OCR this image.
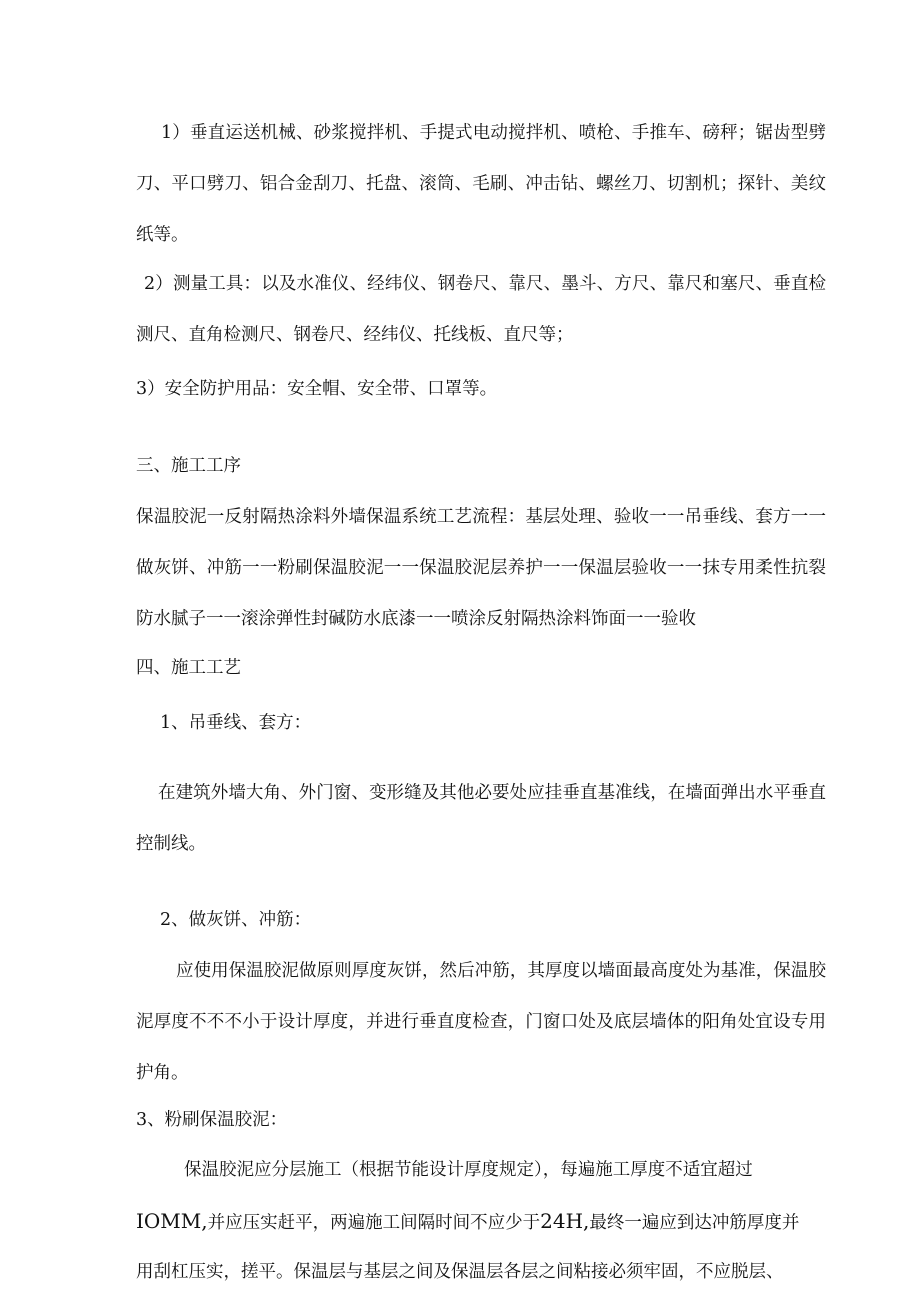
1）垂直运送机械、砂浆搅拌机、手提式电动搅拌机、喷枪、手推车、磅秤；锯齿型劈刀、平口劈刀、铝合金刮刀、托盘、滚筒、毛刷、冲击钻、螺丝刀、切割机；探针、美纹纸等。
2）测量工具：以及水准仪、经纬仪、钢卷尺、靠尺、墨斗、方尺、靠尺和塞尺、垂直检测尺、直角检测尺、钢卷尺、经纬仪、托线板、直尺等；
3）安全防护用品：安全帽、安全带、口罩等。
三、施工工序
保温胶泥一反射隔热涂料外墙保温系统工艺流程：基层处理、验收一一吊垂线、套方一一做灰饼、冲筋一一粉刷保温胶泥一一保温胶泥层养护一一保温层验收一一抹专用柔性抗裂防水腻子一一滚涂弹性封碱防水底漆一一喷涂反射隔热涂料饰面一一验收
四、施工工艺
1、吊垂线、套方：
在建筑外墙大角、外门窗、变形缝及其他必要处应挂垂直基准线，在墙面弹出水平垂直控制线。
2、做灰饼、冲筋：
应使用保温胶泥做原则厚度灰饼，然后冲筋，其厚度以墙面最高度处为基准，保温胶泥厚度不不不小于设计厚度，并进行垂直度检查，门窗口处及底层墙体的阳角处宜设专用护角。
3、粉刷保温胶泥：
保温胶泥应分层施工（根据节能设计厚度规定），每遍施工厚度不适宜超过
IOMM,并应压实赶平，两遍施工间隔时间不应少于24H,最终一遍应到达冲筋厚度并
用刮杠压实，搓平。保温层与基层之间及保温层各层之间粘接必须牢固，不应脱层、
